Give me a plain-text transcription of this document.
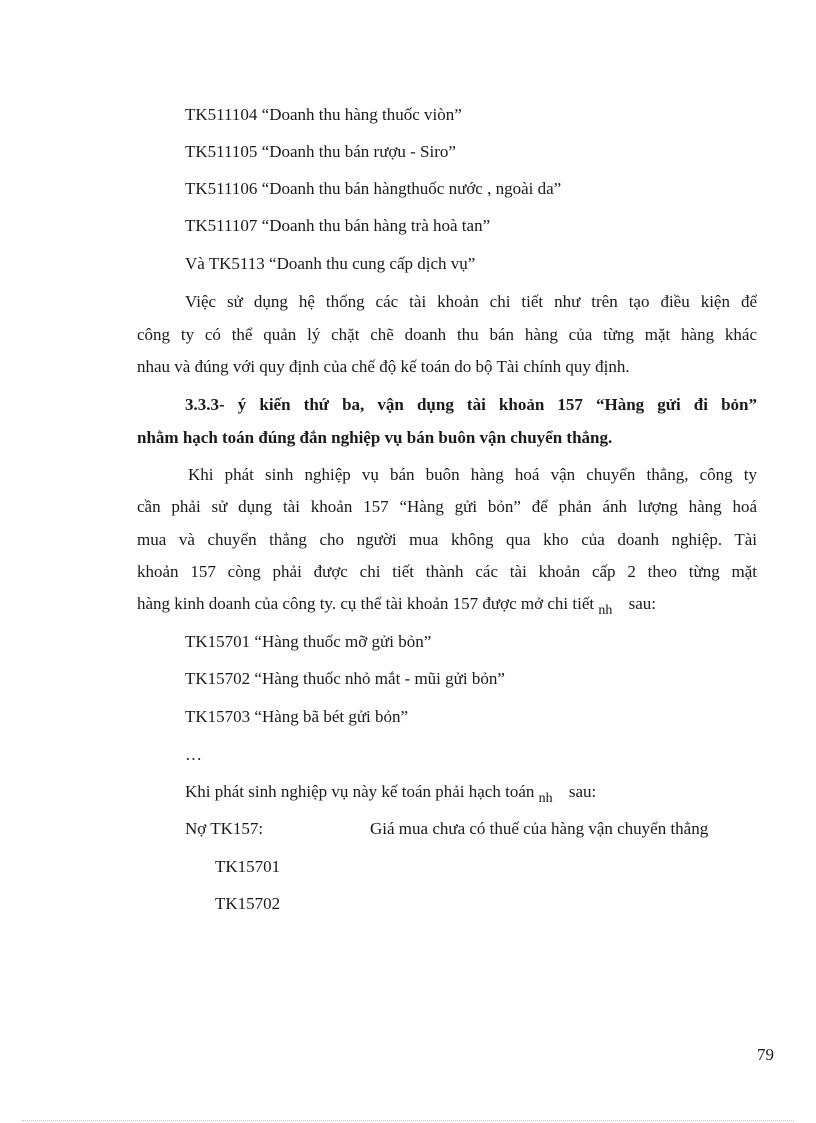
TK511104 “Doanh thu hàng thuốc viòn”
TK511105 “Doanh thu bán rượu - Siro”
TK511106 “Doanh thu bán hàngthuốc nước , ngoài da”
TK511107 “Doanh thu bán hàng trà hoà tan”
Và TK5113 “Doanh thu cung cấp dịch vụ”
Việc sử dụng hệ thống các tài khoản chi tiết như trên tạo điều kiện để
công ty có thể quản lý chặt chẽ doanh thu bán hàng của từng mặt hàng khác
nhau và đúng với quy định của chế độ kế toán do bộ Tài chính quy định.
3.3.3- ý kiến thứ ba, vận dụng tài khoản 157 “Hàng gửi đi bỏn”
nhằm hạch toán đúng đắn nghiệp vụ bán buôn vận chuyển thẳng.
Khi phát sinh nghiệp vụ bán buôn hàng hoá vận chuyển thẳng, công ty
cần phải sử dụng tài khoản 157 “Hàng gửi bỏn” để phản ánh lượng hàng hoá
mua và chuyển thẳng cho người mua không qua kho của doanh nghiệp. Tài
khoản 157 còng phải được chi tiết thành các tài khoản cấp 2 theo từng mặt
hàng kinh doanh của công ty. cụ thể tài khoản 157 được mở chi tiết $_{nh}$ sau:
TK15701 “Hàng thuốc mỡ gửi bỏn”
TK15702 “Hàng thuốc nhỏ mắt - mũi gửi bỏn”
TK15703 “Hàng bã bét gửi bỏn”
…
Khi phát sinh nghiệp vụ này kế toán phải hạch toán $_{nh}$ sau:
Nợ TK157:	Giá mua chưa có thuế của hàng vận chuyển thẳng
TK15701
TK15702
79
